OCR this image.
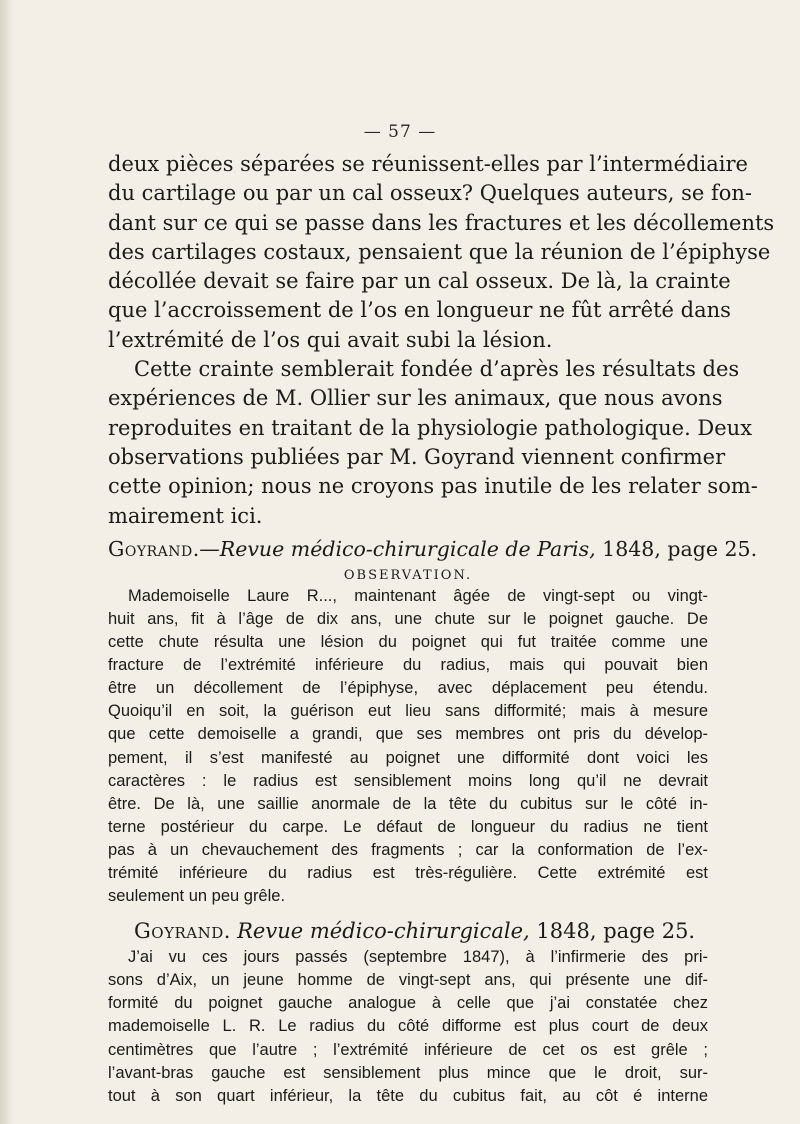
— 57 —

deux pièces séparées se réunissent-elles par l’intermédiaire
du cartilage ou par un cal osseux? Quelques auteurs, se fon-
dant sur ce qui se passe dans les fractures et les décollements
des cartilages costaux, pensaient que la réunion de l’épiphyse
décollée devait se faire par un cal osseux. De là, la crainte
que l’accroissement de l’os en longueur ne fût arrêté dans
l’extrémité de l’os qui avait subi la lésion.

Cette crainte semblerait fondée d’après les résultats des
expériences de M. Ollier sur les animaux, que nous avons
reproduites en traitant de la physiologie pathologique. Deux
observations publiées par M. Goyrand viennent confirmer
cette opinion; nous ne croyons pas inutile de les relater som-
mairement ici.

Goyrand.—Revue médico-chirurgicale de Paris, 1848, page 25.
OBSERVATION.

Mademoiselle Laure R..., maintenant âgée de vingt-sept ou vingt-
huit ans, fit à l’âge de dix ans, une chute sur le poignet gauche. De
cette chute résulta une lésion du poignet qui fut traitée comme une
fracture de l’extrémité inférieure du radius, mais qui pouvait bien
être un décollement de l’épiphyse, avec déplacement peu étendu.
Quoiqu’il en soit, la guérison eut lieu sans difformité; mais à mesure
que cette demoiselle a grandi, que ses membres ont pris du dévelop-
pement, il s’est manifesté au poignet une difformité dont voici les
caractères : le radius est sensiblement moins long qu’il ne devrait
être. De là, une saillie anormale de la tête du cubitus sur le côté in-
terne postérieur du carpe. Le défaut de longueur du radius ne tient
pas à un chevauchement des fragments ; car la conformation de l’ex-
trémité inférieure du radius est très-régulière. Cette extrémité est
seulement un peu grêle.

Goyrand. Revue médico-chirurgicale, 1848, page 25.

J’ai vu ces jours passés (septembre 1847), à l’infirmerie des pri-
sons d’Aix, un jeune homme de vingt-sept ans, qui présente une dif-
formité du poignet gauche analogue à celle que j’ai constatée chez
mademoiselle L. R. Le radius du côté difforme est plus court de deux
centimètres que l’autre ; l’extrémité inférieure de cet os est grêle ;
l’avant-bras gauche est sensiblement plus mince que le droit, sur-
tout à son quart inférieur, la tête du cubitus fait, au côt é interne
